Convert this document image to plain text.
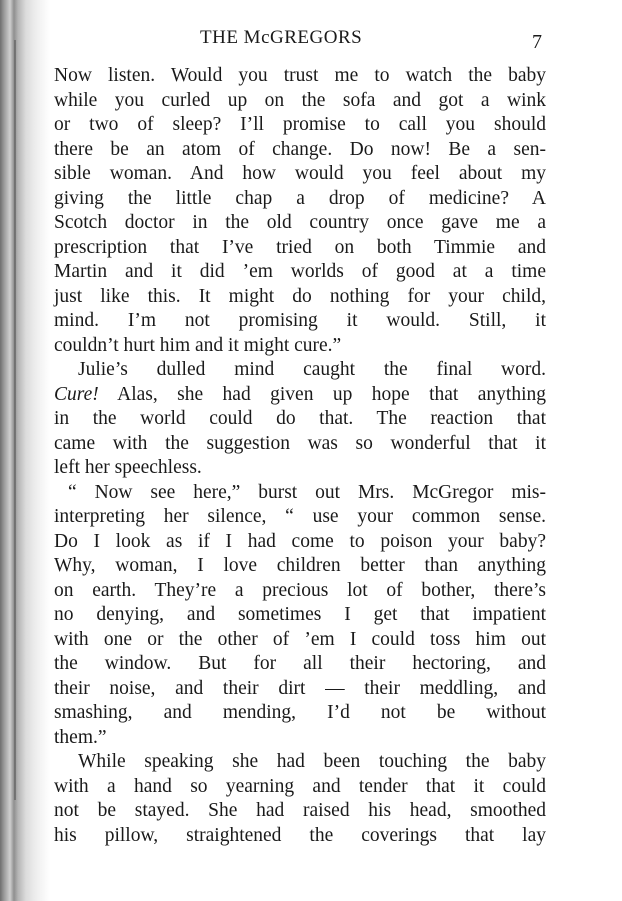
THE McGREGORS	7
Now listen. Would you trust me to watch the baby
while you curled up on the sofa and got a wink
or two of sleep? I’ll promise to call you should
there be an atom of change. Do now! Be a sen-
sible woman. And how would you feel about my
giving the little chap a drop of medicine? A
Scotch doctor in the old country once gave me a
prescription that I’ve tried on both Timmie and
Martin and it did ’em worlds of good at a time
just like this. It might do nothing for your child,
mind. I’m not promising it would. Still, it
couldn’t hurt him and it might cure.”
Julie’s dulled mind caught the final word.
Cure! Alas, she had given up hope that anything
in the world could do that. The reaction that
came with the suggestion was so wonderful that it
left her speechless.
“ Now see here,” burst out Mrs. McGregor mis-
interpreting her silence, “ use your common sense.
Do I look as if I had come to poison your baby?
Why, woman, I love children better than anything
on earth. They’re a precious lot of bother, there’s
no denying, and sometimes I get that impatient
with one or the other of ’em I could toss him out
the window. But for all their hectoring, and
their noise, and their dirt — their meddling, and
smashing, and mending, I’d not be without
them.”
While speaking she had been touching the baby
with a hand so yearning and tender that it could
not be stayed. She had raised his head, smoothed
his pillow, straightened the coverings that lay
